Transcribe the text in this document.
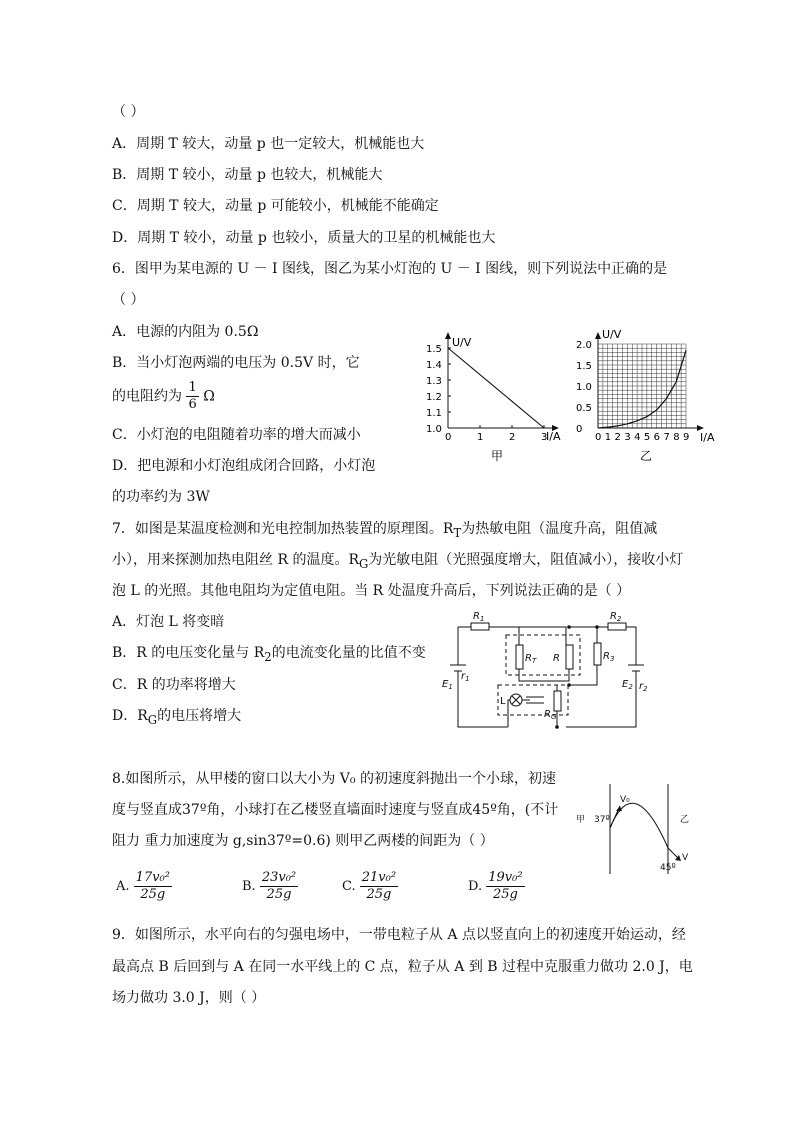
（ ）
A．周期 T 较大，动量 p 也一定较大，机械能也大
B．周期 T 较小，动量 p 也较大，机械能大
C．周期 T 较大，动量 p 可能较小，机械能不能确定
D．周期 T 较小，动量 p 也较小，质量大的卫星的机械能也大
6．图甲为某电源的 U － I 图线，图乙为某小灯泡的 U － I 图线，则下列说法中正确的是
（ ）
A．电源的内阻为 0.5Ω
B．当小灯泡两端的电压为 0.5V 时，它
的电阻约为 $\frac{1}{6}$ Ω
C．小灯泡的电阻随着功率的增大而减小
D．把电源和小灯泡组成闭合回路，小灯泡
的功率约为 3W
1.0
1.1
1.2
1.3
1.4
1.5
0	1	2	3
U/V
I/A
甲
0
0.5
1.0
1.5
2.0
0 1 2 3 4 5 6 7 8 9
U/V
I/A
乙
7．如图是某温度检测和光电控制加热装置的原理图。$R_T$为热敏电阻（温度升高，阻值减
小），用来探测加热电阻丝 R 的温度。$R_G$为光敏电阻（光照强度增大，阻值减小），接收小灯
泡 L 的光照。其他电阻均为定值电阻。当 R 处温度升高后，下列说法正确的是（ ）
A．灯泡 L 将变暗
B．R 的电压变化量与 $R_2$的电流变化量的比值不变
C．R 的功率将增大
D．$R_G$的电压将增大
$R_1$	$R_2$
$R_T$ R	$R_3$
$E_1$
$r_1$	$E_2$ $r_2$
L
$R_G$
8.如图所示，从甲楼的窗口以大小为 V₀ 的初速度斜抛出一个小球，初速
度与竖直成37º角，小球打在乙楼竖直墙面时速度与竖直成45º角，(不计
阻力 重力加速度为 g,sin37º=0.6) 则甲乙两楼的间距为（ ）
A. $\frac{\text{17v₀²}}{25g}$	B. $\frac{\text{23v₀²}}{25g}$	C. $\frac{\text{21v₀²}}{25g}$	D. $\frac{\text{19v₀²}}{25g}$
甲	乙
V₀
37º
45º
V
9．如图所示，水平向右的匀强电场中，一带电粒子从 A 点以竖直向上的初速度开始运动，经
最高点 B 后回到与 A 在同一水平线上的 C 点，粒子从 A 到 B 过程中克服重力做功 2.0 J，电
场力做功 3.0 J，则（ ）
